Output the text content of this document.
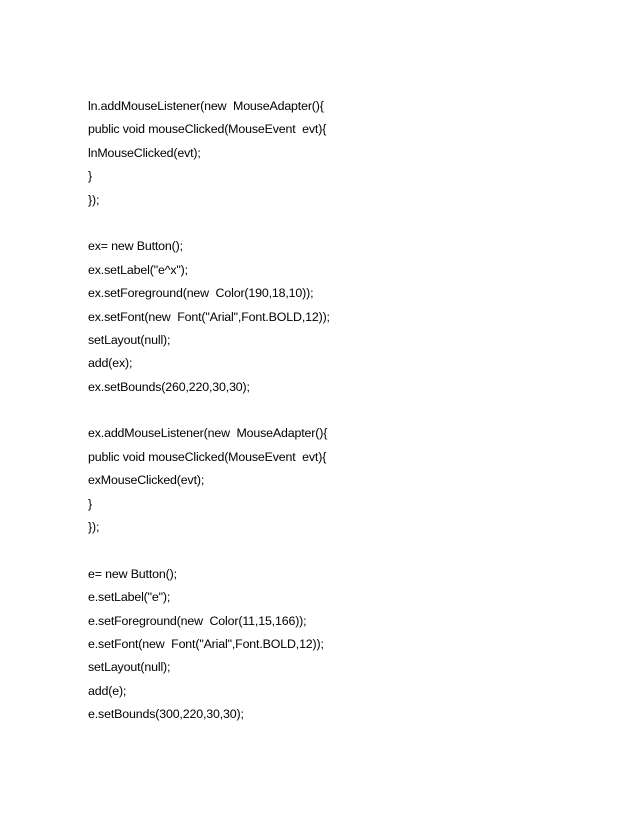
ln.addMouseListener(new  MouseAdapter(){
public void mouseClicked(MouseEvent  evt){
lnMouseClicked(evt);
}
});
ex= new Button();
ex.setLabel("e^x");
ex.setForeground(new  Color(190,18,10));
ex.setFont(new  Font("Arial",Font.BOLD,12));
setLayout(null);
add(ex);
ex.setBounds(260,220,30,30);
ex.addMouseListener(new  MouseAdapter(){
public void mouseClicked(MouseEvent  evt){
exMouseClicked(evt);
}
});
e= new Button();
e.setLabel("e");
e.setForeground(new  Color(11,15,166));
e.setFont(new  Font("Arial",Font.BOLD,12));
setLayout(null);
add(e);
e.setBounds(300,220,30,30);
